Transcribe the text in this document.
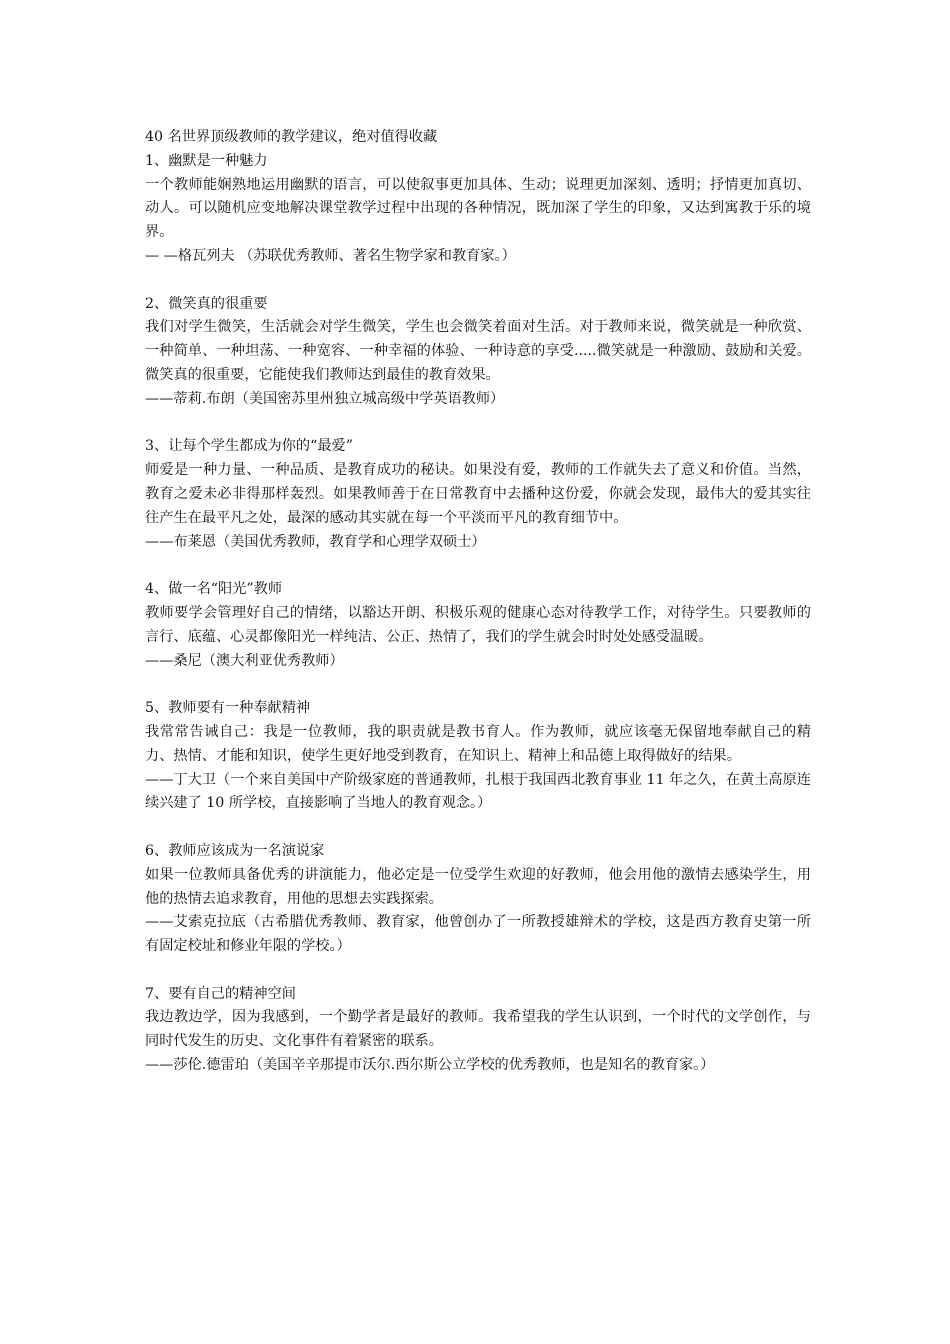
40 名世界顶级教师的教学建议，绝对值得收藏

1、幽默是一种魅力

一个教师能娴熟地运用幽默的语言，可以使叙事更加具体、生动；说理更加深刻、透明；抒情更加真切、动人。可以随机应变地解决课堂教学过程中出现的各种情况，既加深了学生的印象，又达到寓教于乐的境界。

— —格瓦列夫 （苏联优秀教师、著名生物学家和教育家。）

2、微笑真的很重要

我们对学生微笑，生活就会对学生微笑，学生也会微笑着面对生活。对于教师来说，微笑就是一种欣赏、一种简单、一种坦荡、一种宽容、一种幸福的体验、一种诗意的享受.....微笑就是一种激励、鼓励和关爱。微笑真的很重要，它能使我们教师达到最佳的教育效果。

——蒂莉.布朗（美国密苏里州独立城高级中学英语教师）

3、让每个学生都成为你的“最爱”

师爱是一种力量、一种品质、是教育成功的秘诀。如果没有爱，教师的工作就失去了意义和价值。当然，教育之爱未必非得那样轰烈。如果教师善于在日常教育中去播种这份爱，你就会发现，最伟大的爱其实往往产生在最平凡之处，最深的感动其实就在每一个平淡而平凡的教育细节中。

——布莱恩（美国优秀教师，教育学和心理学双硕士）

4、做一名“阳光”教师

教师要学会管理好自己的情绪，以豁达开朗、积极乐观的健康心态对待教学工作，对待学生。只要教师的言行、底蕴、心灵都像阳光一样纯洁、公正、热情了，我们的学生就会时时处处感受温暖。

——桑尼（澳大利亚优秀教师）

5、教师要有一种奉献精神

我常常告诫自己：我是一位教师，我的职责就是教书育人。作为教师，就应该毫无保留地奉献自己的精力、热情、才能和知识，使学生更好地受到教育，在知识上、精神上和品德上取得做好的结果。

——丁大卫（一个来自美国中产阶级家庭的普通教师，扎根于我国西北教育事业 11 年之久，在黄土高原连续兴建了 10 所学校，直接影响了当地人的教育观念。）

6、教师应该成为一名演说家

如果一位教师具备优秀的讲演能力，他必定是一位受学生欢迎的好教师，他会用他的激情去感染学生，用他的热情去追求教育，用他的思想去实践探索。

——艾索克拉底（古希腊优秀教师、教育家，他曾创办了一所教授雄辩术的学校，这是西方教育史第一所有固定校址和修业年限的学校。）

7、要有自己的精神空间

我边教边学，因为我感到，一个勤学者是最好的教师。我希望我的学生认识到，一个时代的文学创作，与同时代发生的历史、文化事件有着紧密的联系。

——莎伦.德雷珀（美国辛辛那提市沃尔.西尔斯公立学校的优秀教师，也是知名的教育家。）
